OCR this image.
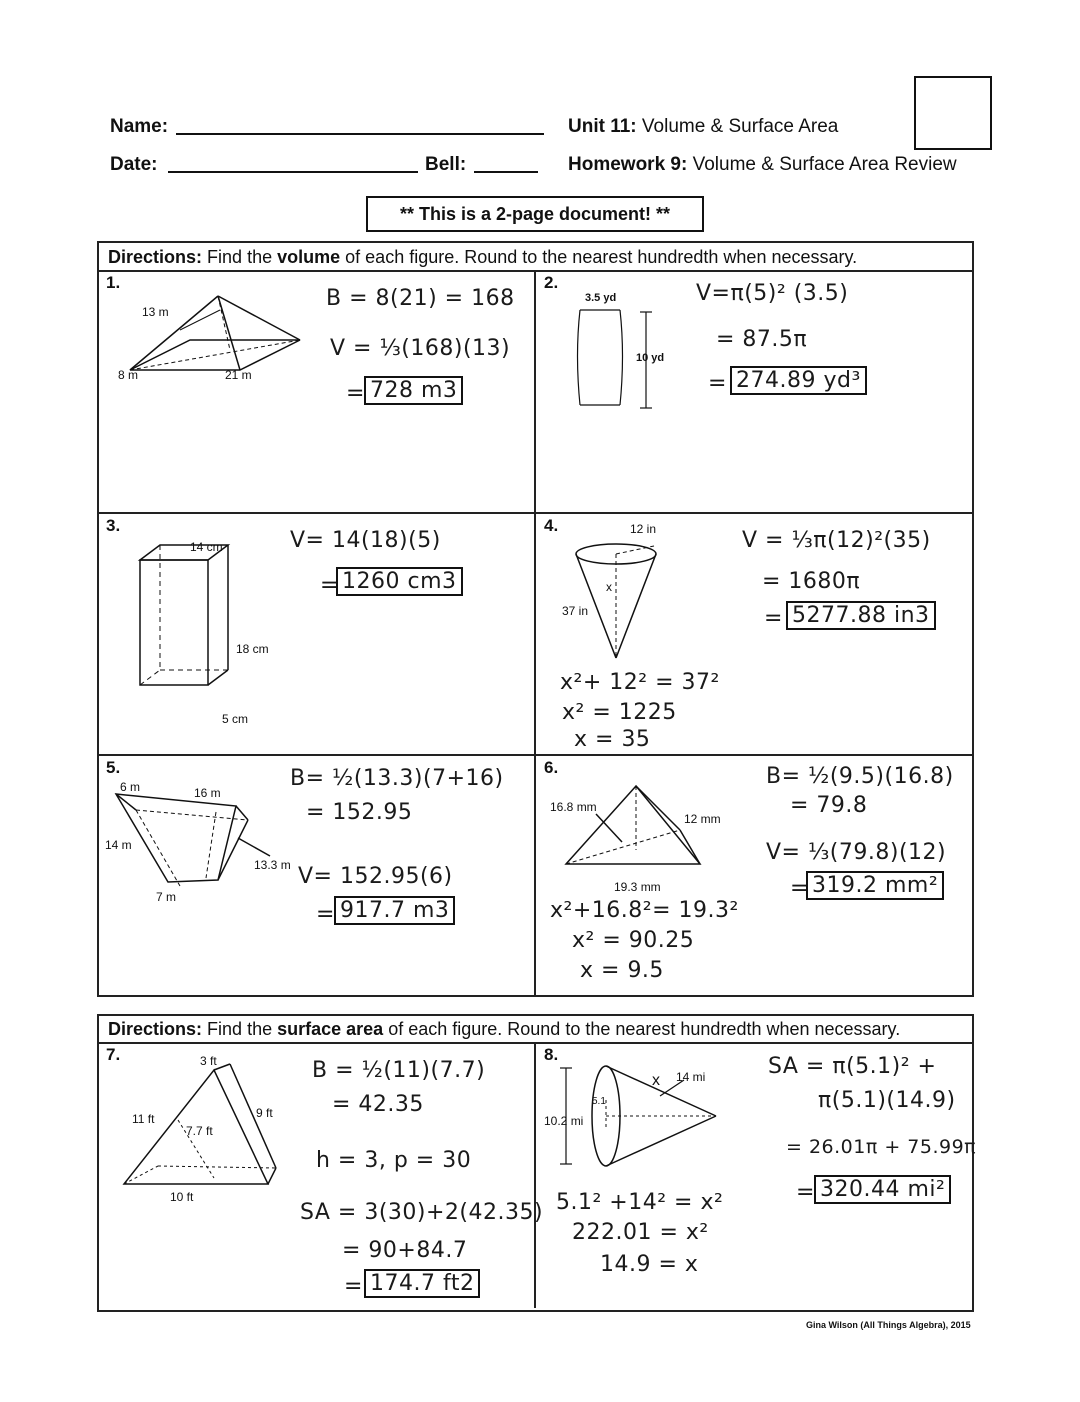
Name:
Date:	Bell:
Unit 11: Volume & Surface Area
Homework 9: Volume & Surface Area Review
** This is a 2-page document! **
Directions: Find the volume of each figure. Round to the nearest hundredth when necessary.
1.
13 m
8 m	21 m
B = 8(21) = 168
V = ⅓(168)(13)
= 728 m3
2.
3.5 yd
10 yd
V=π(5)² (3.5)
= 87.5π
= 274.89 yd³
3.
14 cm
18 cm
5 cm
V= 14(18)(5)
= 1260 cm3
4.	12 in
37 in
x
V = ⅓π(12)²(35)
= 1680π
= 5277.88 in3
x²+ 12² = 37²
x² = 1225
x = 35
5.
6 m	16 m
14 m
7 m
13.3 m
B= ½(13.3)(7+16)
= 152.95
V= 152.95(6)
= 917.7 m3
6.
16.8 mm
12 mm
19.3 mm
B= ½(9.5)(16.8)
= 79.8
V= ⅓(79.8)(12)
= 319.2 mm²
x²+16.8²= 19.3²
x² = 90.25
x = 9.5
Directions: Find the surface area of each figure. Round to the nearest hundredth when necessary.
7.	3 ft
9 ft
11 ft
7.7 ft
10 ft
B = ½(11)(7.7)
= 42.35
h = 3, p = 30
SA = 3(30)+2(42.35)
= 90+84.7
= 174.7 ft2
8.
14 mi
10.2 mi
5.1
x
SA = π(5.1)² +
π(5.1)(14.9)
= 26.01π + 75.99π
= 320.44 mi²
5.1² +14² = x²
222.01 = x²
14.9 = x
Gina Wilson (All Things Algebra), 2015
